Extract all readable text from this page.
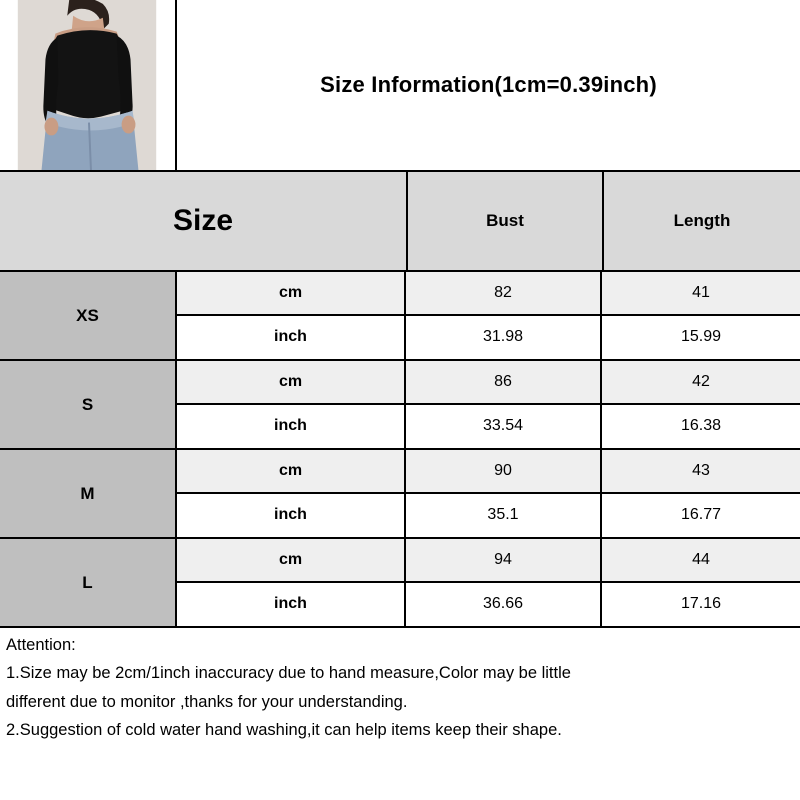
Size Information(1cm=0.39inch)
Size	Bust	Length
XS
cm	82	41
inch	31.98	15.99
S
cm	86	42
inch	33.54	16.38
M
cm	90	43
inch	35.1	16.77
L
cm	94	44
inch	36.66	17.16

Attention:

1.Size may be 2cm/1inch inaccuracy due to hand measure,Color may be little

different due to monitor ,thanks for your understanding.

2.Suggestion of cold water hand washing,it can help items keep their shape.
